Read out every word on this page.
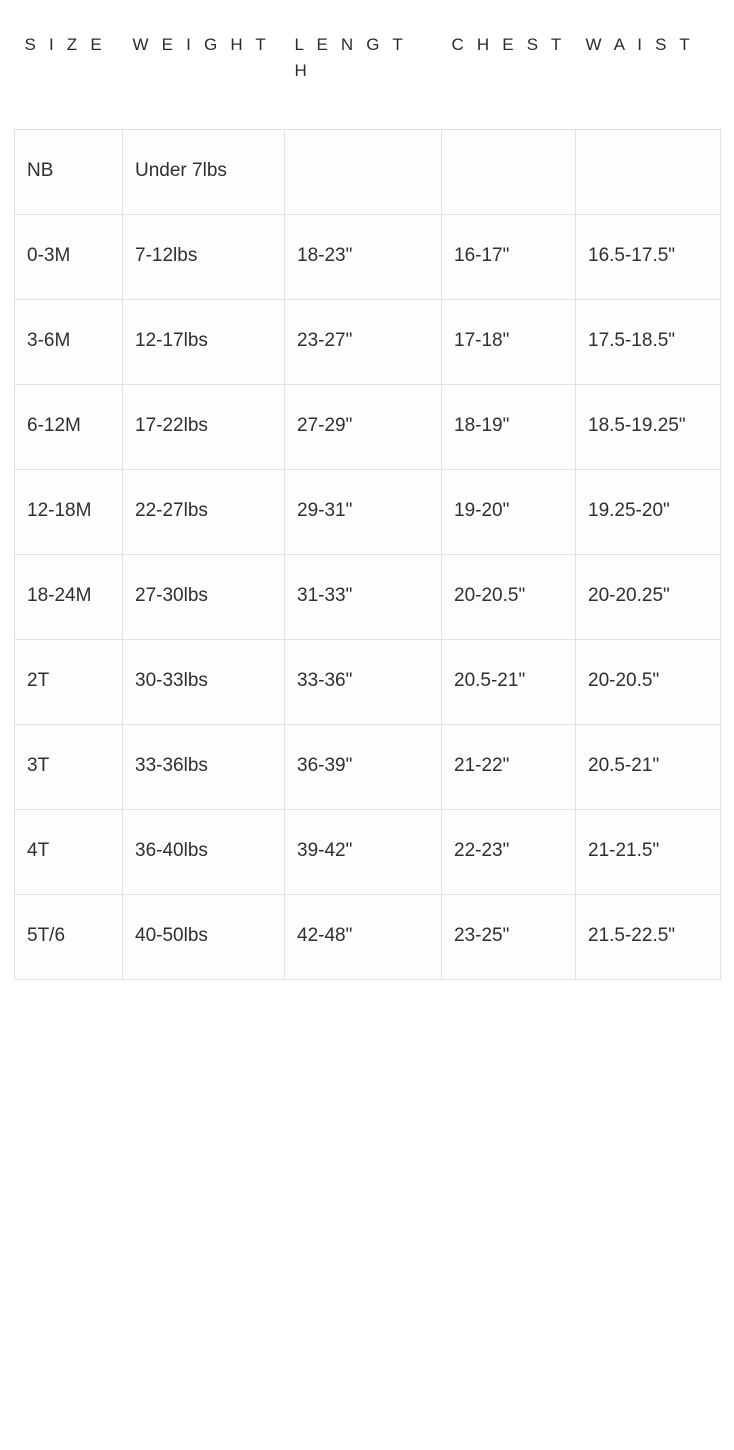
S I Z E	W E I G H T	L E N G T H	C H E S T	W A I S T
NB	Under 7lbs			
0-3M	7-12lbs	18-23"	16-17"	16.5-17.5"
3-6M	12-17lbs	23-27"	17-18"	17.5-18.5"
6-12M	17-22lbs	27-29"	18-19"	18.5-19.25"
12-18M	22-27lbs	29-31"	19-20"	19.25-20"
18-24M	27-30lbs	31-33"	20-20.5"	20-20.25"
2T	30-33lbs	33-36"	20.5-21"	20-20.5"
3T	33-36lbs	36-39"	21-22"	20.5-21"
4T	36-40lbs	39-42"	22-23"	21-21.5"
5T/6	40-50lbs	42-48"	23-25"	21.5-22.5"
